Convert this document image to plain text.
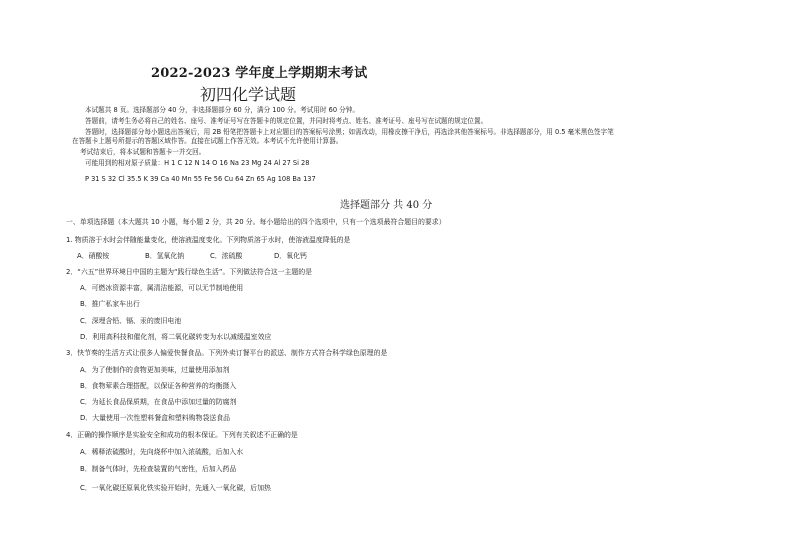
2022-2023 学年度上学期期末考试
初四化学试题
本试题共 8 页。选择题部分 40 分，非选择题部分 60 分，满分 100 分。考试用时 60 分钟。
答题前，请考生务必将自己的姓名、座号、准考证号写在答题卡的规定位置，并同时将考点、姓名、准考证号、座号写在试题的规定位置。
答题时，选择题部分每小题选出答案后，用 2B 铅笔把答题卡上对应题目的答案标号涂黑；如需改动，用橡皮擦干净后，再选涂其他答案标号。非选择题部分，用 0.5 毫米黑色签字笔
在答题卡上题号所提示的答题区域作答。直接在试题上作答无效。本考试不允许使用计算器。
考试结束后，将本试题和答题卡一并交回。
可能用到的相对原子质量：H 1 C 12 N 14 O 16 Na 23 Mg 24 Al 27 Si 28
P 31 S 32 Cl 35.5 K 39 Ca 40 Mn 55 Fe 56 Cu 64 Zn 65 Ag 108 Ba 137
选择题部分 共 40 分
一、单项选择题（本大题共 10 小题，每小题 2 分，共 20 分。每小题给出的四个选项中，只有一个选项最符合题目的要求）
1. 物质溶于水时会伴随能量变化，使溶液温度变化。下列物质溶于水时，使溶液温度降低的是
A．硝酸铵	B．氢氧化钠	C．浓硫酸	D．氧化钙
2．“六五”世界环境日中国的主题为“践行绿色生活”。下列做法符合这一主题的是
A．可燃冰资源丰富，属清洁能源，可以无节制地使用
B．推广私家车出行
C．深埋含铅、镉、汞的废旧电池
D．利用高科技和催化剂，将二氧化碳转变为水以减缓温室效应
3．快节奏的生活方式让很多人偏爱快餐食品。下列外卖订餐平台的派送、制作方式符合科学绿色原理的是
A．为了使制作的食物更加美味，过量使用添加剂
B．食物荤素合理搭配，以保证各种营养的均衡摄入
C．为延长食品保质期，在食品中添加过量的防腐剂
D．大量使用一次性塑料餐盒和塑料购物袋送食品
4．正确的操作顺序是实验安全和成功的根本保证。下列有关叙述不正确的是
A．稀释浓硫酸时，先向烧杯中加入浓硫酸，后加入水
B．制备气体时，先检查装置的气密性，后加入药品
C．一氧化碳还原氧化铁实验开始时，先通入一氧化碳，后加热
